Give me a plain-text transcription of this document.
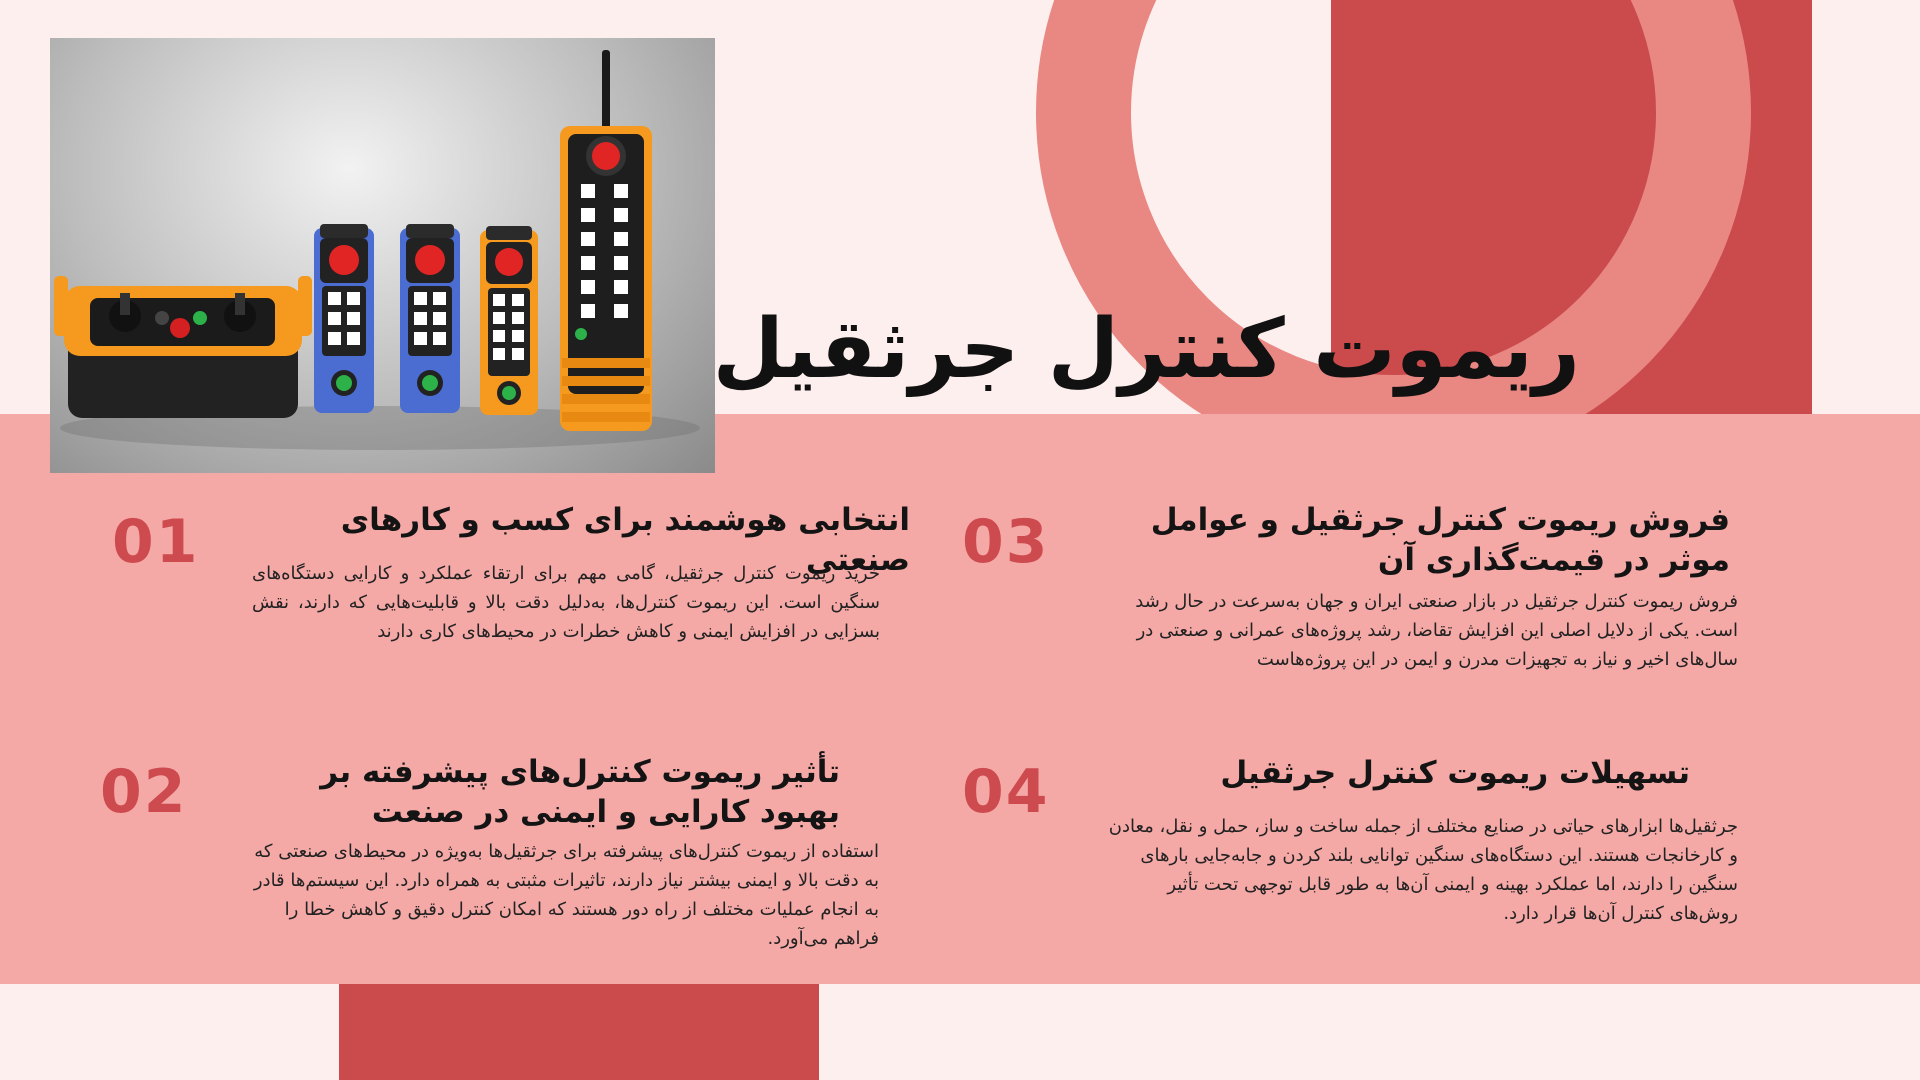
ریموت کنترل جرثقیل
01	انتخابی هوشمند برای کسب و کارهای صنعتی

خرید ریموت کنترل جرثقیل، گامی مهم برای ارتقاء عملکرد و کارایی دستگاه‌های سنگین است. این ریموت کنترل‌ها، به‌دلیل دقت بالا و قابلیت‌هایی که دارند، نقش بسزایی در افزایش ایمنی و کاهش خطرات در محیط‌های کاری دارند

02	تأثیر ریموت کنترل‌های پیشرفته بر بهبود کارایی و ایمنی در صنعت

استفاده از ریموت کنترل‌های پیشرفته برای جرثقیل‌ها به‌ویژه در محیط‌های صنعتی که به دقت بالا و ایمنی بیشتر نیاز دارند، تاثیرات مثبتی به همراه دارد. این سیستم‌ها قادر به انجام عملیات مختلف از راه دور هستند که امکان کنترل دقیق و کاهش خطا را فراهم می‌آورد.

03	فروش ریموت کنترل جرثقیل و عوامل موثر در قیمت‌گذاری آن

فروش ریموت کنترل جرثقیل در بازار صنعتی ایران و جهان به‌سرعت در حال رشد است. یکی از دلایل اصلی این افزایش تقاضا، رشد پروژه‌های عمرانی و صنعتی در سال‌های اخیر و نیاز به تجهیزات مدرن و ایمن در این پروژه‌هاست

04	تسهیلات ریموت کنترل جرثقیل

جرثقیل‌ها ابزارهای حیاتی در صنایع مختلف از جمله ساخت و ساز، حمل و نقل، معادن و کارخانجات هستند. این دستگاه‌های سنگین توانایی بلند کردن و جابه‌جایی بارهای سنگین را دارند، اما عملکرد بهینه و ایمنی آن‌ها به طور قابل توجهی تحت تأثیر روش‌های کنترل آن‌ها قرار دارد.
